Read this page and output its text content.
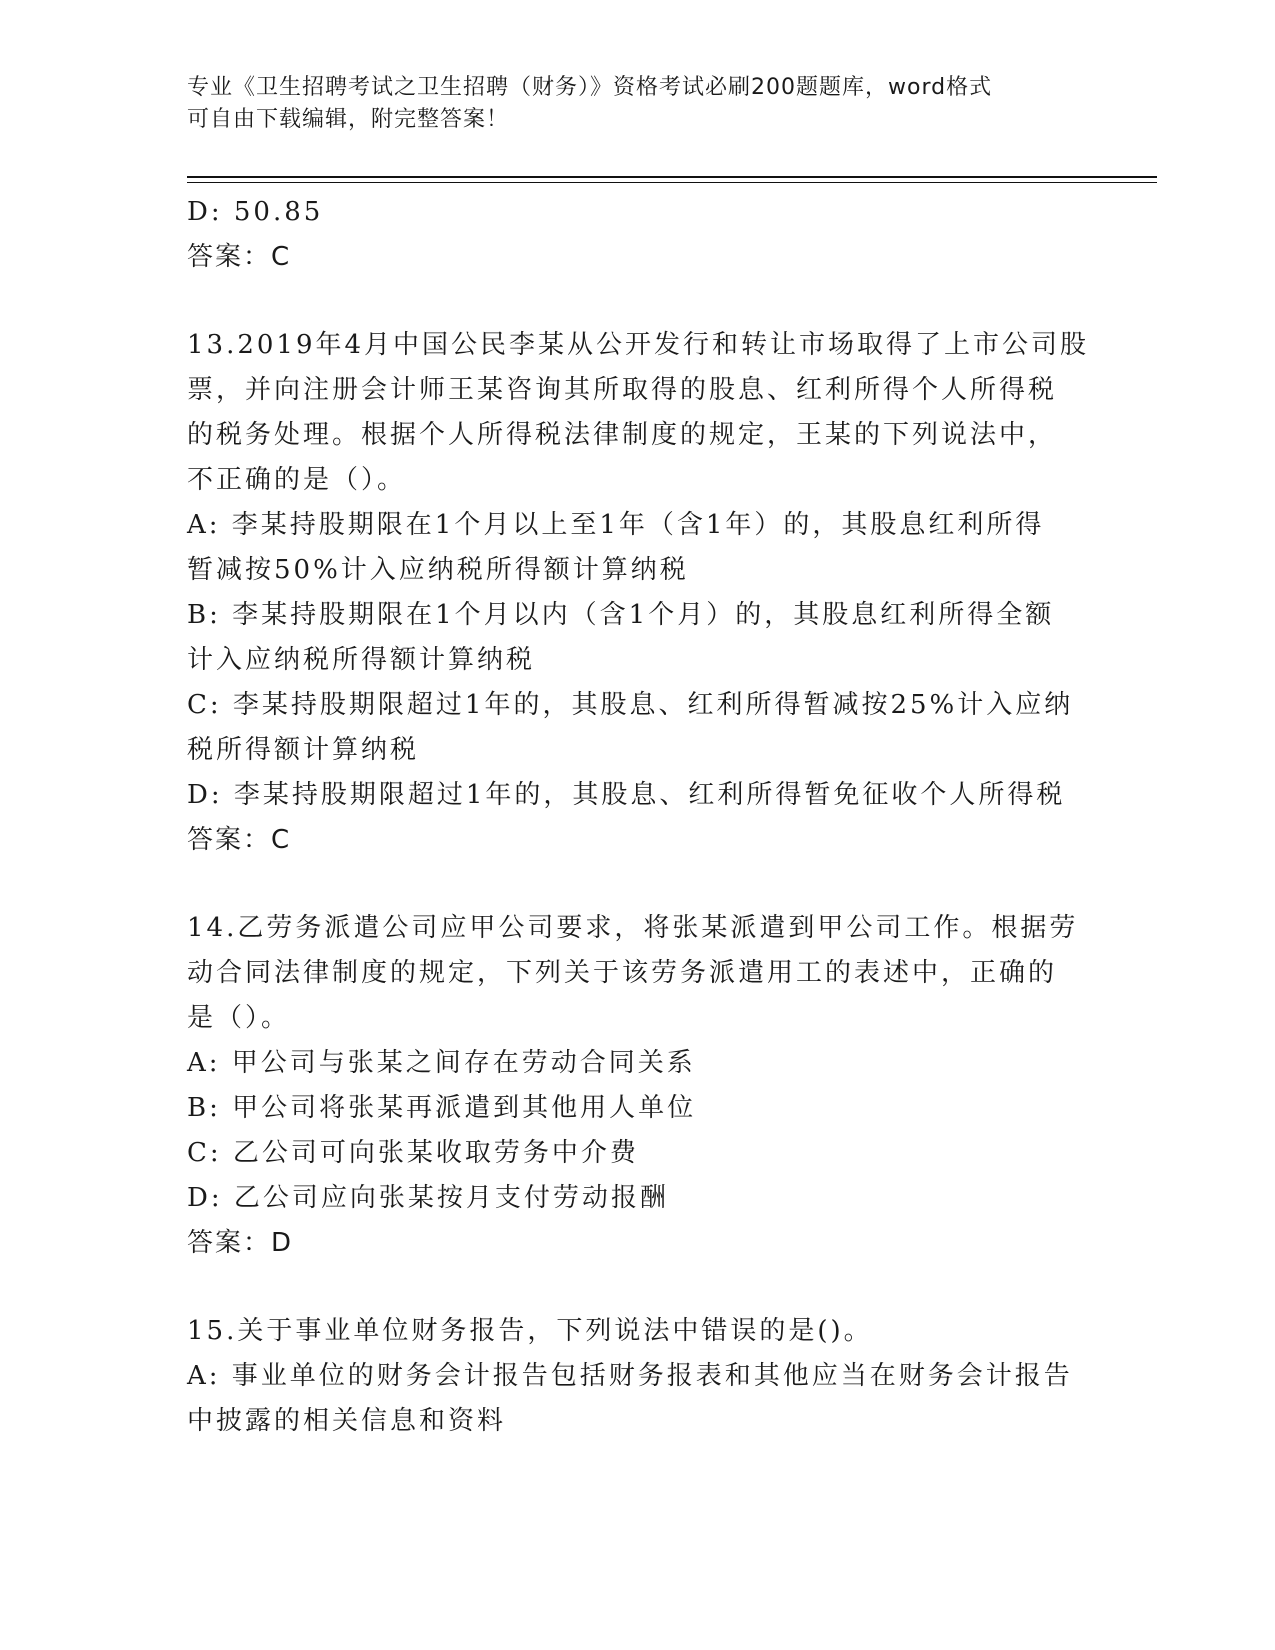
专业《卫生招聘考试之卫生招聘（财务）》资格考试必刷200题题库，word格式
可自由下载编辑，附完整答案！
D: 50.85
答案：C
13.2019年4月中国公民李某从公开发行和转让市场取得了上市公司股
票，并向注册会计师王某咨询其所取得的股息、红利所得个人所得税
的税务处理。根据个人所得税法律制度的规定，王某的下列说法中，
不正确的是（）。
A: 李某持股期限在1个月以上至1年（含1年）的，其股息红利所得
暂减按50%计入应纳税所得额计算纳税
B: 李某持股期限在1个月以内（含1个月）的，其股息红利所得全额
计入应纳税所得额计算纳税
C: 李某持股期限超过1年的，其股息、红利所得暂减按25%计入应纳
税所得额计算纳税
D: 李某持股期限超过1年的，其股息、红利所得暂免征收个人所得税
答案：C
14.乙劳务派遣公司应甲公司要求，将张某派遣到甲公司工作。根据劳
动合同法律制度的规定，下列关于该劳务派遣用工的表述中，正确的
是（）。
A: 甲公司与张某之间存在劳动合同关系
B: 甲公司将张某再派遣到其他用人单位
C: 乙公司可向张某收取劳务中介费
D: 乙公司应向张某按月支付劳动报酬
答案：D
15.关于事业单位财务报告，下列说法中错误的是()。
A: 事业单位的财务会计报告包括财务报表和其他应当在财务会计报告
中披露的相关信息和资料
